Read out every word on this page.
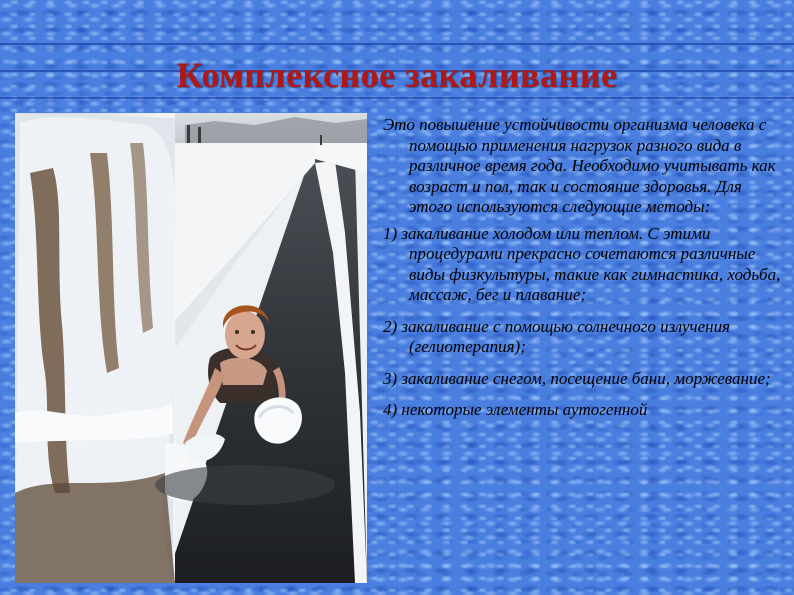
Комплексное закаливание

Это повышение устойчивости организма человека с помощью применения нагрузок разного вида в различное время года. Необходимо учитывать как возраст и пол, так и состояние здоровья. Для этого используются следующие методы:

1) закаливание холодом или теплом. С этими процедурами прекрасно сочетаются различные виды физкультуры, такие как гимнастика, ходьба, массаж, бег и плавание;

2) закаливание с помощью солнечного излучения (гелиотерапия);

3) закаливание снегом, посещение бани, моржевание;

4) некоторые элементы аутогенной
